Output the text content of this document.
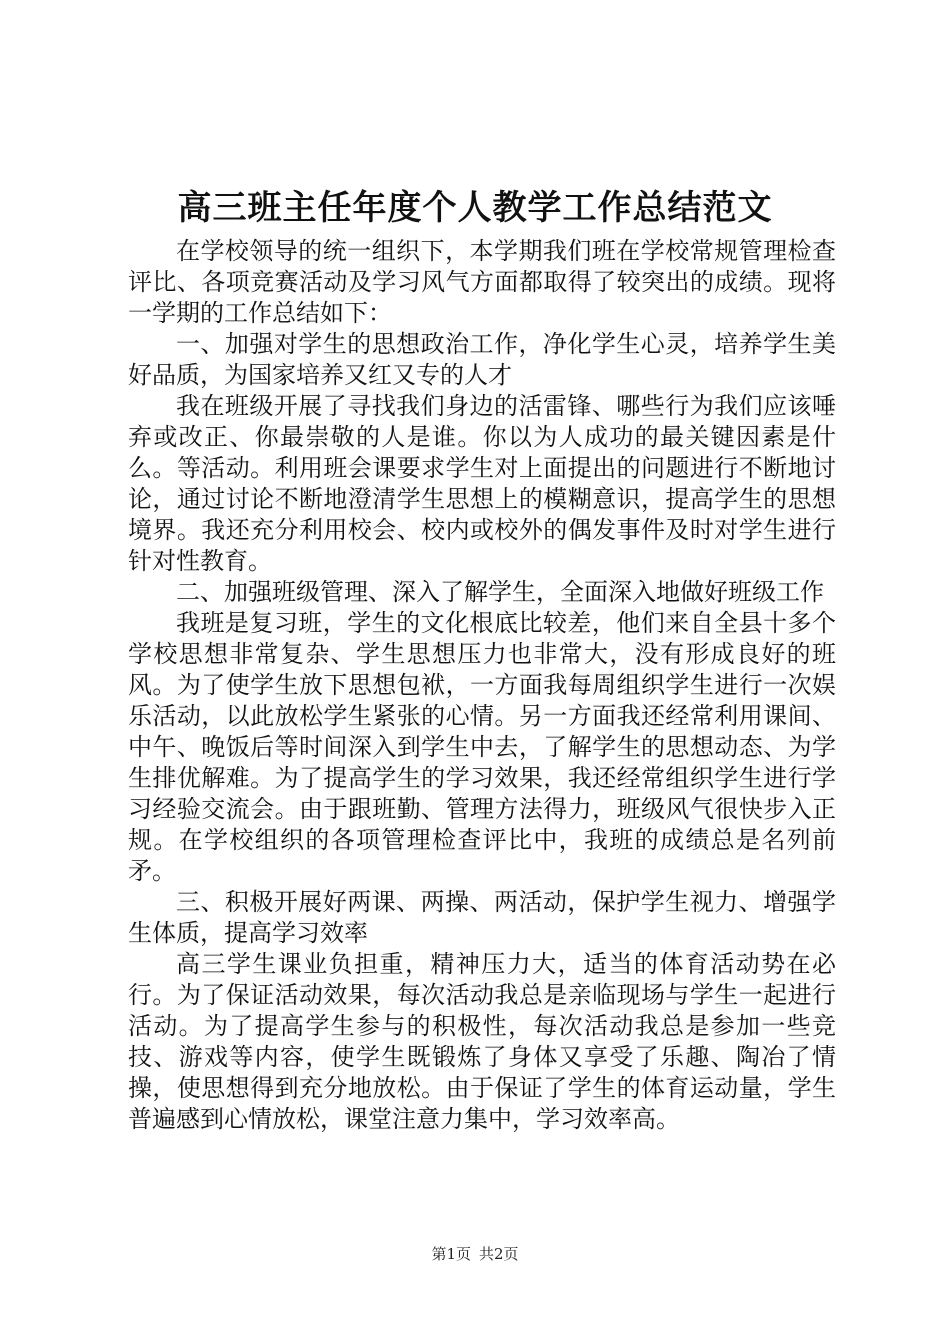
高三班主任年度个人教学工作总结范文

在学校领导的统一组织下，本学期我们班在学校常规管理检查评比、各项竞赛活动及学习风气方面都取得了较突出的成绩。现将一学期的工作总结如下：

一、加强对学生的思想政治工作，净化学生心灵，培养学生美好品质，为国家培养又红又专的人才

我在班级开展了寻找我们身边的活雷锋、哪些行为我们应该唾弃或改正、你最崇敬的人是谁。你以为人成功的最关键因素是什么。等活动。利用班会课要求学生对上面提出的问题进行不断地讨论，通过讨论不断地澄清学生思想上的模糊意识，提高学生的思想境界。我还充分利用校会、校内或校外的偶发事件及时对学生进行针对性教育。

二、加强班级管理、深入了解学生，全面深入地做好班级工作

我班是复习班，学生的文化根底比较差，他们来自全县十多个学校思想非常复杂、学生思想压力也非常大，没有形成良好的班风。为了使学生放下思想包袱，一方面我每周组织学生进行一次娱乐活动，以此放松学生紧张的心情。另一方面我还经常利用课间、中午、晚饭后等时间深入到学生中去，了解学生的思想动态、为学生排优解难。为了提高学生的学习效果，我还经常组织学生进行学习经验交流会。由于跟班勤、管理方法得力，班级风气很快步入正规。在学校组织的各项管理检查评比中，我班的成绩总是名列前矛。

三、积极开展好两课、两操、两活动，保护学生视力、增强学生体质，提高学习效率

高三学生课业负担重，精神压力大，适当的体育活动势在必行。为了保证活动效果，每次活动我总是亲临现场与学生一起进行活动。为了提高学生参与的积极性，每次活动我总是参加一些竞技、游戏等内容，使学生既锻炼了身体又享受了乐趣、陶冶了情操，使思想得到充分地放松。由于保证了学生的体育运动量，学生普遍感到心情放松，课堂注意力集中，学习效率高。

第1页 共2页
